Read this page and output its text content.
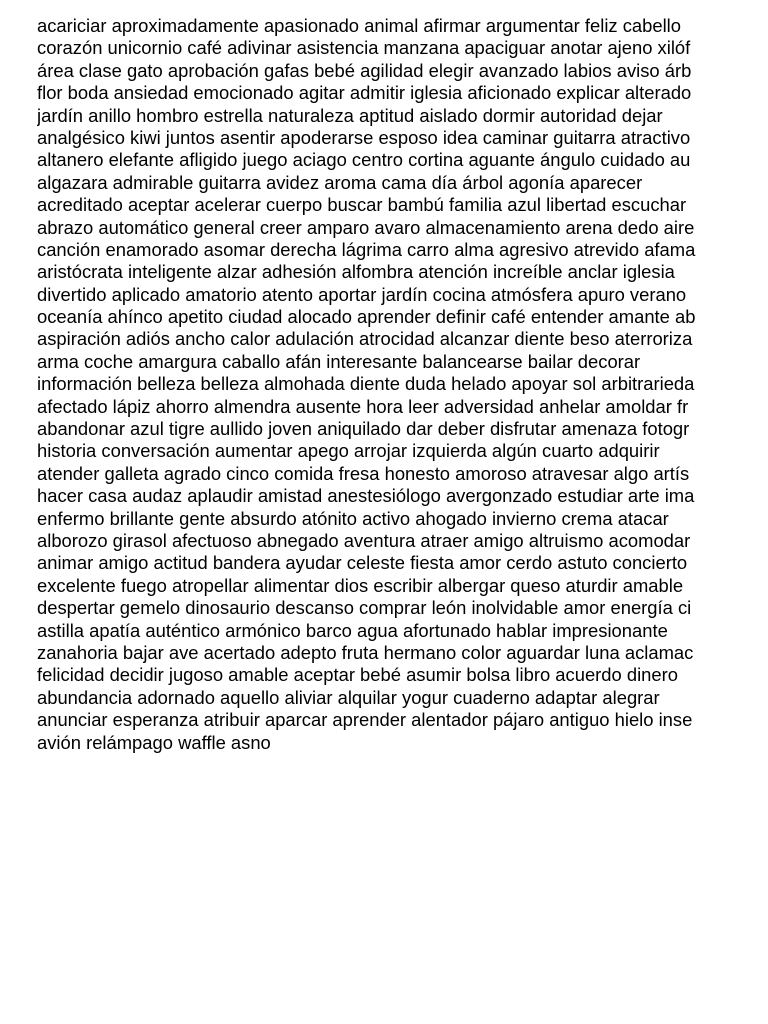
acariciar aproximadamente apasionado animal afirmar argumentar feliz cabello
corazón unicornio café adivinar asistencia manzana apaciguar anotar ajeno xilóf
área clase gato aprobación gafas bebé agilidad elegir avanzado labios aviso árb
flor boda ansiedad emocionado agitar admitir iglesia aficionado explicar alterado
jardín anillo hombro estrella naturaleza aptitud aislado dormir autoridad dejar
analgésico kiwi juntos asentir apoderarse esposo idea caminar guitarra atractivo
altanero elefante afligido juego aciago centro cortina aguante ángulo cuidado au
algazara admirable guitarra avidez aroma cama día árbol agonía aparecer
acreditado aceptar acelerar cuerpo buscar bambú familia azul libertad escuchar
abrazo automático general creer amparo avaro almacenamiento arena dedo aire
canción enamorado asomar derecha lágrima carro alma agresivo atrevido afama
aristócrata inteligente alzar adhesión alfombra atención increíble anclar iglesia
divertido aplicado amatorio atento aportar jardín cocina atmósfera apuro verano
oceanía ahínco apetito ciudad alocado aprender definir café entender amante ab
aspiración adiós ancho calor adulación atrocidad alcanzar diente beso aterroriza
arma coche amargura caballo afán interesante balancearse bailar decorar
información belleza belleza almohada diente duda helado apoyar sol arbitrarieda
afectado lápiz ahorro almendra ausente hora leer adversidad anhelar amoldar fr
abandonar azul tigre aullido joven aniquilado dar deber disfrutar amenaza fotogr
historia conversación aumentar apego arrojar izquierda algún cuarto adquirir
atender galleta agrado cinco comida fresa honesto amoroso atravesar algo artís
hacer casa audaz aplaudir amistad anestesiólogo avergonzado estudiar arte ima
enfermo brillante gente absurdo atónito activo ahogado invierno crema atacar
alborozo girasol afectuoso abnegado aventura atraer amigo altruismo acomodar
animar amigo actitud bandera ayudar celeste fiesta amor cerdo astuto concierto
excelente fuego atropellar alimentar dios escribir albergar queso aturdir amable
despertar gemelo dinosaurio descanso comprar león inolvidable amor energía ci
astilla apatía auténtico armónico barco agua afortunado hablar impresionante
zanahoria bajar ave acertado adepto fruta hermano color aguardar luna aclamac
felicidad decidir jugoso amable aceptar bebé asumir bolsa libro acuerdo dinero
abundancia adornado aquello aliviar alquilar yogur cuaderno adaptar alegrar
anunciar esperanza atribuir aparcar aprender alentador pájaro antiguo hielo inse
avión relámpago waffle asno
